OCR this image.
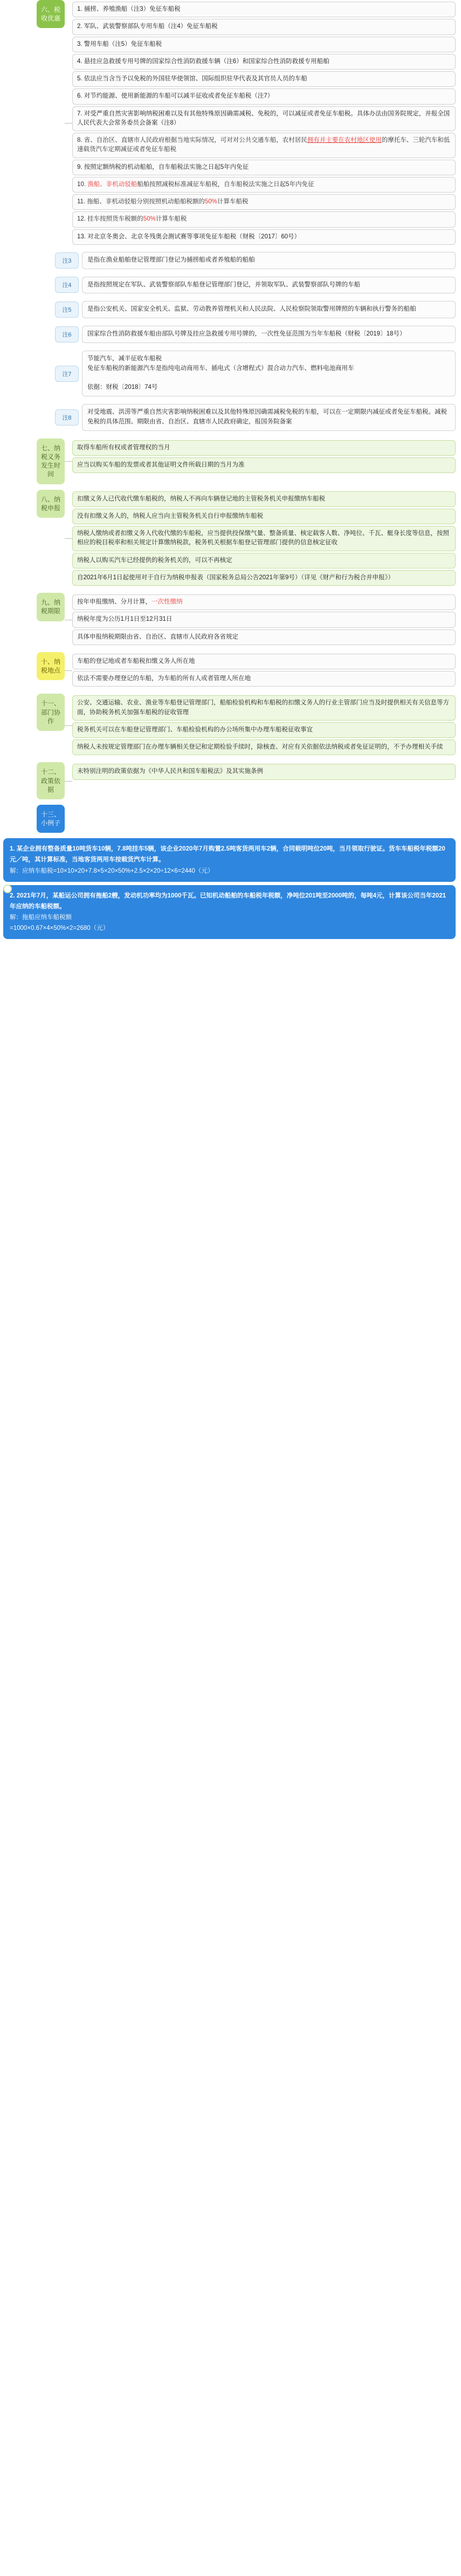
六、税收优惠
1. 捕捞、养殖渔船（注3）免征车船税
2. 军队、武装警察部队专用车船（注4）免征车船税
3. 警用车船（注5）免征车船税
4. 悬挂应急救援专用号牌的国家综合性消防救援车辆（注6）和国家综合性消防救援专用船舶
5. 依法应当含当予以免税的外国驻华使领馆、国际组织驻华代表及其官员人员的车船
6. 对节约能源、使用新能源的车船可以减半征收或者免征车船税（注7）
7. 对受严重自然灾害影响纳税困难以及有其他特殊原因确需减税、免税的，可以减征或者免征车船税。具体办法由国务院规定，并报全国人民代表大会常务委员会备案（注8）
8. 省、自治区、直辖市人民政府根据当地实际情况，可对对公共交通车船，农村居民拥有并主要在农村地区使用的摩托车、三轮汽车和低速载货汽车定期减征或者免征车船税
9. 按照定额纳税的机动船舶，自车船税法实施之日起5年内免征
10. 渔船、非机动驳船船舶按照减税标准减征车船税，自车船税法实施之日起5年内免征
11. 拖船、非机动驳船分别按照机动船舶税额的50%计算车船税
12. 挂车按照货车税额的50%计算车船税
13. 对北京冬奥会、北京冬残奥会测试赛等事项免征车船税（财税〔2017〕60号）
注3	是指在渔业船舶登记管理部门登记为捕捞船或者养殖船的船舶
注4	是指按照规定在军队、武装警察部队车船登记管理部门登记，并领取军队、武装警察部队号牌的车船
注5	是指公安机关、国家安全机关、监狱、劳动教养管理机关和人民法院、人民检察院领取警用牌照的车辆和执行警务的船舶
注6	国家综合性消防救援车船由部队号牌及挂应急救援专用号牌的，一次性免征范围为当年车船税（财税〔2019〕18号）
注7
节能汽车，减半征收车船税
免征车船税的新能源汽车是指纯电动商用车、插电式（含增程式）混合动力汽车、燃料电池商用车

依据：财税〔2018〕74号
注8
对受地震、洪涝等严重自然灾害影响纳税困难以及其他特殊原因确需减税免税的车船，可以在一定期限内减征或者免征车船税。减税免税的具体范围、期限由省、自治区、直辖市人民政府确定，报国务院备案
七、纳税义务发生时间
取得车船所有权或者管理权的当月
应当以购买车船的发票或者其他证明文件所载日期的当月为准
八、纳税申报
扣缴义务人已代收代缴车船税的，纳税人不再向车辆登记地的主管税务机关申报缴纳车船税
没有扣缴义务人的，纳税人应当向主管税务机关自行申报缴纳车船税
纳税人缴纳或者扣缴义务人代收代缴的车船税，应当提供投保缴气量、整备质量、核定载客人数、净吨位、千瓦、艇身长度等信息，按照相应的税目税率和相关规定计算缴纳税款，税务机关根据车船登记管理部门提供的信息核定征收
纳税人以购买汽车已经提供的税务机关的，可以不再核定
自2021年6月1日起使用对于自行为纳税申报表（国家税务总局公告2021年第9号）（详见《财产和行为税合并申报》）
九、纳税期限
按年申报缴纳、分月计算，一次性缴纳
纳税年度为公历1月1日至12月31日
具体申报纳税期限由省、自治区、直辖市人民政府各省规定
十、纳税地点
车船的登记地或者车船税扣缴义务人所在地
依法不需要办理登记的车船，为车船的所有人或者管理人所在地
十一、部门协作
公安、交通运输、农业、渔业等车船登记管理部门，船舶检验机构和车船税的扣缴义务人的行业主管部门应当及时提供相关有关信息等方面，协助税务机关加强车船税的征收管理
税务机关可以在车船登记管理部门、车船检验机构的办公场所集中办理车船税征收事宜
纳税人未按规定管理部门在办理车辆相关登记和定期检验手续时，除核查、对应有关依据依法纳税或者免征证明的，不予办理相关手续
十二、政策依据
未特别注明的政策依据为《中华人民共和国车船税法》及其实施条例
十三、小例子
1. 某企业拥有整备质量10吨货车10辆，7.8吨挂车5辆，该企业2020年7月购置2.5吨客货两用车2辆，合同载明吨位20吨，当月领取行驶证。货车车船税年税额20元／吨，其计算标准，当地客货两用车按载货汽车计算。

解：应纳车船税=10×10×20+7.8×5×20×50%+2.5×2×20÷12×6=2440（元）
2. 2021年7月，某船运公司拥有拖船2艘，发动机功率均为1000千瓦。已知机动船舶的车船税年税额，净吨位201吨至2000吨的，每吨4元，计算该公司当年2021年应纳的车船税额。

解：拖船应纳车船税额
=1000×0.67×4×50%×2=2680（元）
